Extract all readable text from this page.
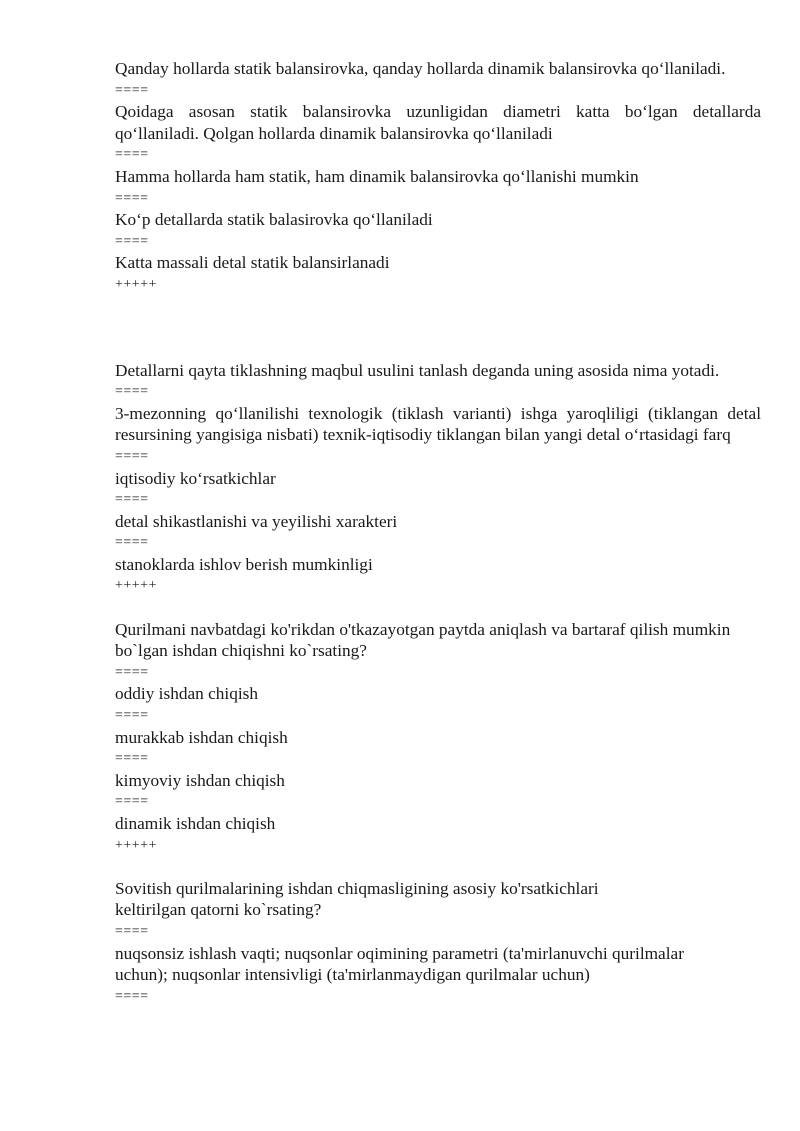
Qanday hollarda statik balansirovka, qanday hollarda dinamik balansirovka qo‘llaniladi.

====

Qoidaga asosan statik balansirovka uzunligidan diametri katta bo‘lgan detallarda qo‘llaniladi. Qolgan hollarda dinamik balansirovka qo‘llaniladi

====

Hamma hollarda ham statik, ham dinamik balansirovka qo‘llanishi mumkin

====

Ko‘p detallarda statik balasirovka qo‘llaniladi

====

Katta massali detal statik balansirlanadi

+++++

Detallarni qayta tiklashning maqbul usulini tanlash deganda uning asosida nima yotadi.

====

3-mezonning qo‘llanilishi texnologik (tiklash varianti) ishga yaroqliligi (tiklangan detal resursining yangisiga nisbati) texnik-iqtisodiy tiklangan bilan yangi detal o‘rtasidagi farq

====

iqtisodiy ko‘rsatkichlar

====

detal shikastlanishi va yeyilishi xarakteri

====

stanoklarda ishlov berish mumkinligi

+++++

Qurilmani navbatdagi ko'rikdan o'tkazayotgan paytda aniqlash va bartaraf qilish mumkin bo`lgan ishdan chiqishni ko`rsating?

====

oddiy ishdan chiqish

====

murakkab ishdan chiqish

====

kimyoviy ishdan chiqish

====

dinamik ishdan chiqish

+++++

Sovitish qurilmalarining ishdan chiqmasligining asosiy ko'rsatkichlari keltirilgan qatorni ko`rsating?

====

nuqsonsiz ishlash vaqti; nuqsonlar oqimining parametri (ta'mirlanuvchi qurilmalar uchun); nuqsonlar intensivligi (ta'mirlanmaydigan qurilmalar uchun)

====
